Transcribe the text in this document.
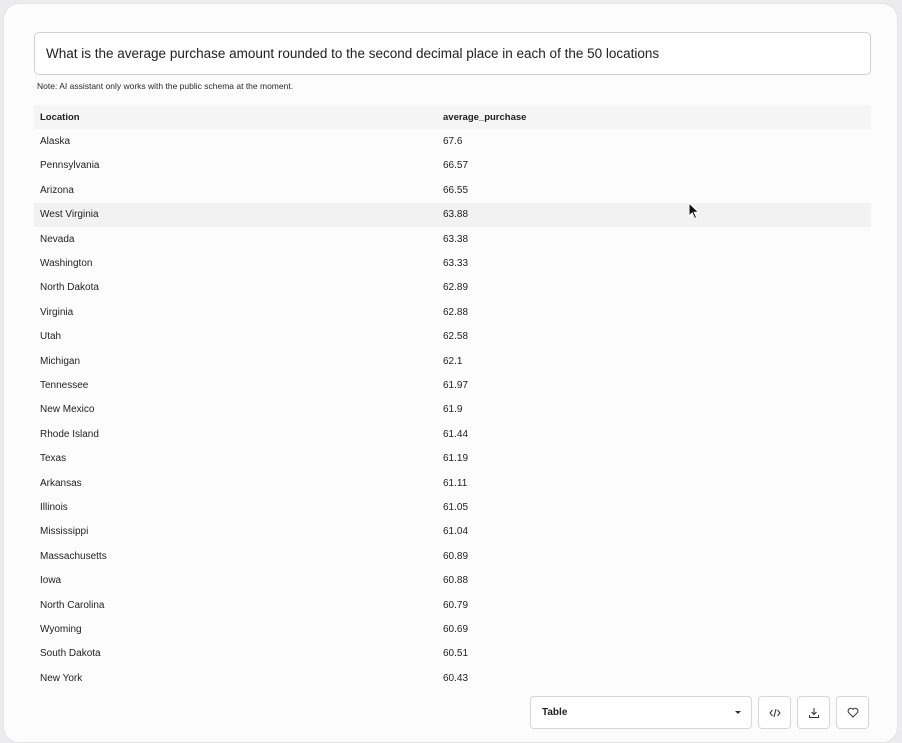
What is the average purchase amount rounded to the second decimal place in each of the 50 locations
Note: AI assistant only works with the public schema at the moment.
Location	average_purchase
Alaska	67.6
Pennsylvania	66.57
Arizona	66.55
West Virginia	63.88
Nevada	63.38
Washington	63.33
North Dakota	62.89
Virginia	62.88
Utah	62.58
Michigan	62.1
Tennessee	61.97
New Mexico	61.9
Rhode Island	61.44
Texas	61.19
Arkansas	61.11
Illinois	61.05
Mississippi	61.04
Massachusetts	60.89
Iowa	60.88
North Carolina	60.79
Wyoming	60.69
South Dakota	60.51
New York	60.43
Table
